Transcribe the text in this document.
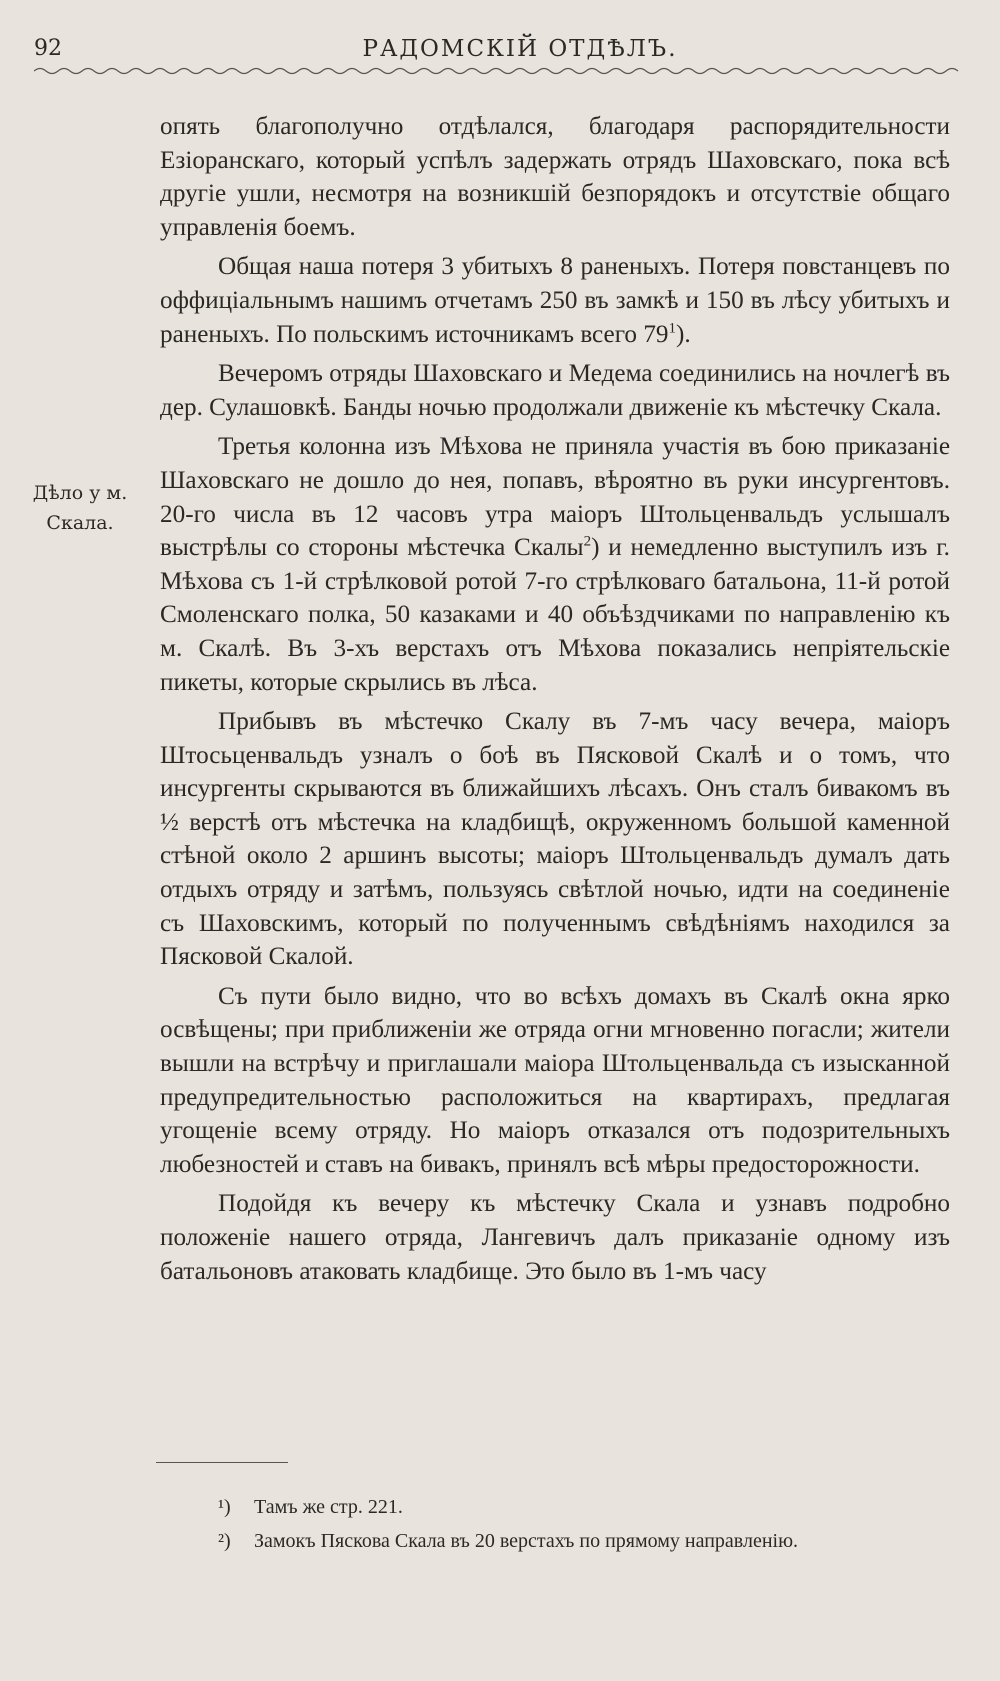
92	РАДОМСКІЙ ОТДѢЛЪ.
Дѣло у м.
Скала.

опять благополучно отдѣлался, благодаря распорядительности Езіоранскаго, который успѣлъ задержать отрядъ Шаховскаго, пока всѣ другіе ушли, несмотря на возникшій безпорядокъ и отсутствіе общаго управленія боемъ.

Общая наша потеря 3 убитыхъ 8 раненыхъ. Потеря повстанцевъ по оффиціальнымъ нашимъ отчетамъ 250 въ замкѣ и 150 въ лѣсу убитыхъ и раненыхъ. По польскимъ источникамъ всего $79^1$).

Вечеромъ отряды Шаховскаго и Медема соединились на ночлегѣ въ дер. Сулашовкѣ. Банды ночью продолжали движеніе къ мѣстечку Скала.

Третья колонна изъ Мѣхова не приняла участія въ бою приказаніе Шаховскаго не дошло до нея, попавъ, вѣроятно въ руки инсургентовъ. 20-го числа въ 12 часовъ утра маіоръ Штольценвальдъ услышалъ выстрѣлы со стороны мѣстечка Скалы$^2$) и немедленно выступилъ изъ г. Мѣхова съ 1-й стрѣлковой ротой 7-го стрѣлковаго батальона, 11-й ротой Смоленскаго полка, 50 казаками и 40 объѣздчиками по направленію къ м. Скалѣ. Въ 3-хъ верстахъ отъ Мѣхова показались непріятельскіе пикеты, которые скрылись въ лѣса.

Прибывъ въ мѣстечко Скалу въ 7-мъ часу вечера, маіоръ Штосьценвальдъ узналъ о боѣ въ Пясковой Скалѣ и о томъ, что инсургенты скрываются въ ближайшихъ лѣсахъ. Онъ сталъ бивакомъ въ ½ верстѣ отъ мѣстечка на кладбищѣ, окруженномъ большой каменной стѣной около 2 аршинъ высоты; маіоръ Штольценвальдъ думалъ дать отдыхъ отряду и затѣмъ, пользуясь свѣтлой ночью, идти на соединеніе съ Шаховскимъ, который по полученнымъ свѣдѣніямъ находился за Пясковой Скалой.

Съ пути было видно, что во всѣхъ домахъ въ Скалѣ окна ярко освѣщены; при приближеніи же отряда огни мгновенно погасли; жители вышли на встрѣчу и приглашали маіора Штольценвальда съ изысканной предупредительностью расположиться на квартирахъ, предлагая угощеніе всему отряду. Но маіоръ отказался отъ подозрительныхъ любезностей и ставъ на бивакъ, принялъ всѣ мѣры предосторожности.

Подойдя къ вечеру къ мѣстечку Скала и узнавъ подробно положеніе нашего отряда, Лангевичъ далъ приказаніе одному изъ батальоновъ атаковать кладбище. Это было въ 1-мъ часу

¹)	Тамъ же стр. 221.
²)	Замокъ Пяскова Скала въ 20 верстахъ по прямому направленію.
